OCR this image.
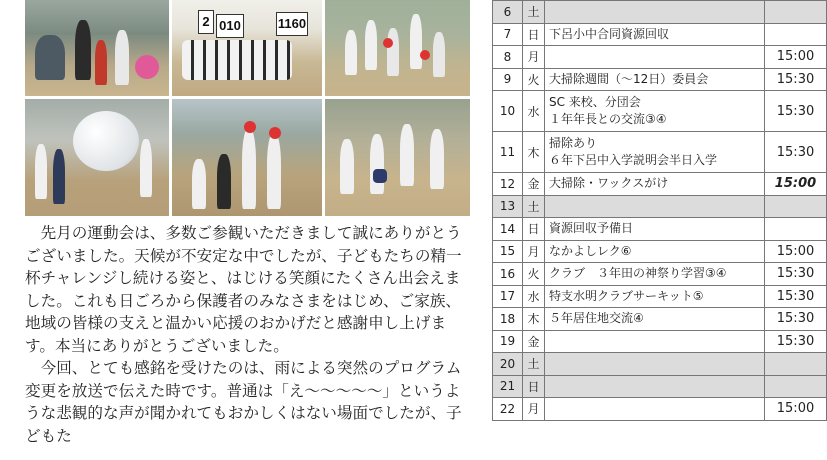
2 010	1160

先月の運動会は、多数ご参観いただきまして誠にありがとうございました。天候が不安定な中でしたが、子どもたちの精一杯チャレンジし続ける姿と、はじける笑顔にたくさん出会えました。これも日ごろから保護者のみなさまをはじめ、ご家族、地域の皆様の支えと温かい応援のおかげだと感謝申し上げます。本当にありがとうございました。

今回、とても感銘を受けたのは、雨による突然のプログラム変更を放送で伝えた時です。普通は「え～～～～～」というような悲観的な声が聞かれてもおかしくはない場面でしたが、子どもた

6	土		
7	日	下呂小中合同資源回収	

8	月		15:00
9	火	大掃除週間（～12日）委員会	15:30
10	水	SC 来校、分団会
１年年長との交流③④	15:30
11	木	掃除あり
６年下呂中入学説明会半日入学	15:30
12	金	大掃除・ワックスがけ	15:00
13	土		
14	日	資源回収予備日	

15	月	なかよしレク⑥	15:00
16	火	クラブ　３年田の神祭り学習③④	15:30
17	水	特支水明クラブサーキット⑤	15:30
18	木	５年居住地交流④	15:30
19	金		15:30
20	土		
21	日		
22	月		15:00
